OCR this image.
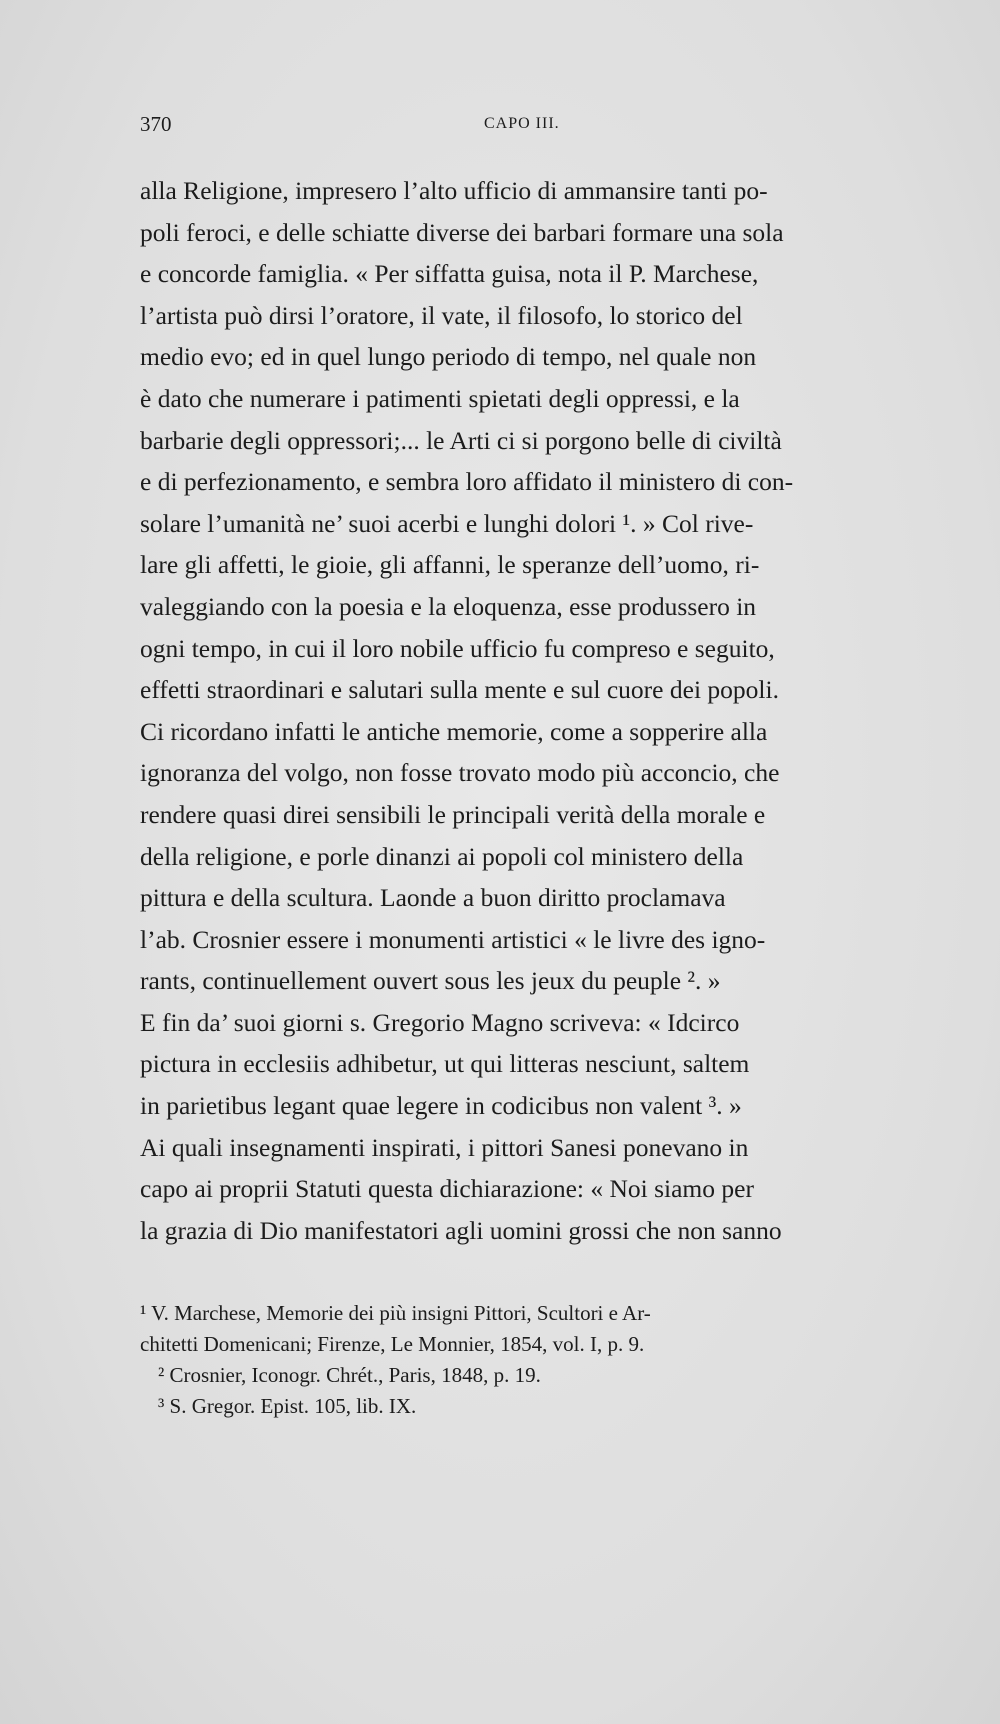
370	CAPO III.
alla Religione, impresero l’alto ufficio di ammansire tanti po-
poli feroci, e delle schiatte diverse dei barbari formare una sola
e concorde famiglia. « Per siffatta guisa, nota il P. Marchese,
l’artista può dirsi l’oratore, il vate, il filosofo, lo storico del
medio evo; ed in quel lungo periodo di tempo, nel quale non
è dato che numerare i patimenti spietati degli oppressi, e la
barbarie degli oppressori;... le Arti ci si porgono belle di civiltà
e di perfezionamento, e sembra loro affidato il ministero di con-
solare l’umanità ne’ suoi acerbi e lunghi dolori ¹. » Col rive-
lare gli affetti, le gioie, gli affanni, le speranze dell’uomo, ri-
valeggiando con la poesia e la eloquenza, esse produssero in
ogni tempo, in cui il loro nobile ufficio fu compreso e seguito,
effetti straordinari e salutari sulla mente e sul cuore dei popoli.
Ci ricordano infatti le antiche memorie, come a sopperire alla
ignoranza del volgo, non fosse trovato modo più acconcio, che
rendere quasi direi sensibili le principali verità della morale e
della religione, e porle dinanzi ai popoli col ministero della
pittura e della scultura. Laonde a buon diritto proclamava
l’ab. Crosnier essere i monumenti artistici « le livre des igno-
rants, continuellement ouvert sous les jeux du peuple ². »
E fin da’ suoi giorni s. Gregorio Magno scriveva: « Idcirco
pictura in ecclesiis adhibetur, ut qui litteras nesciunt, saltem
in parietibus legant quae legere in codicibus non valent ³. »
Ai quali insegnamenti inspirati, i pittori Sanesi ponevano in
capo ai proprii Statuti questa dichiarazione: « Noi siamo per
la grazia di Dio manifestatori agli uomini grossi che non sanno
¹ V. Marchese, Memorie dei più insigni Pittori, Scultori e Ar-
chitetti Domenicani; Firenze, Le Monnier, 1854, vol. I, p. 9.
² Crosnier, Iconogr. Chrét., Paris, 1848, p. 19.
³ S. Gregor. Epist. 105, lib. IX.
